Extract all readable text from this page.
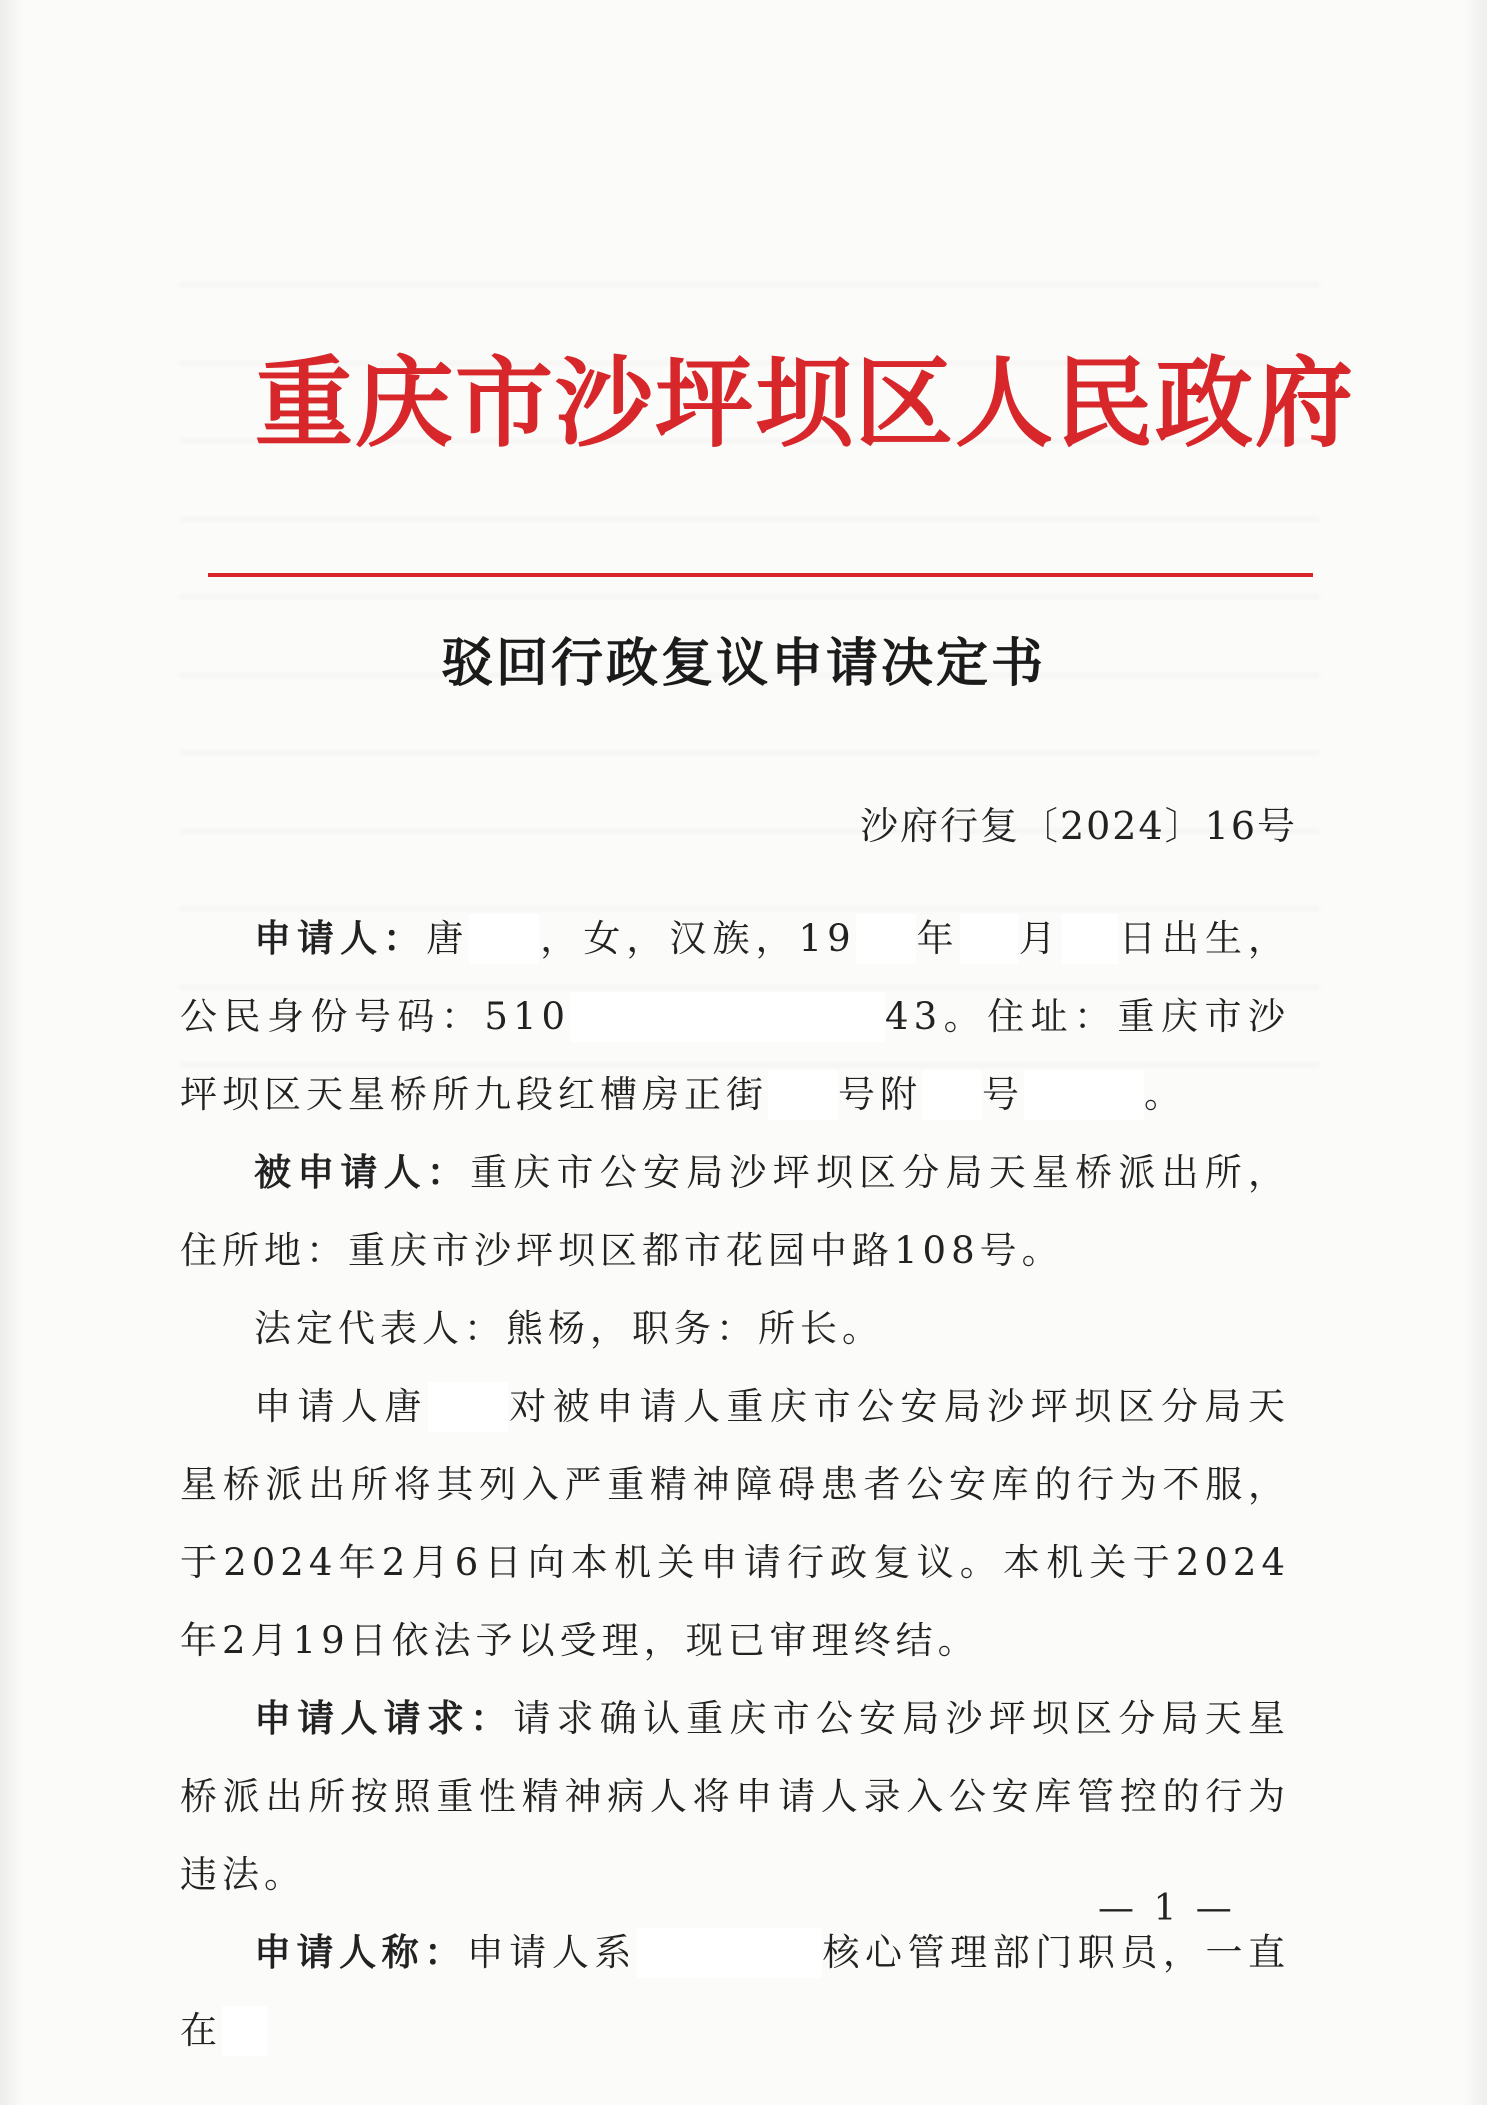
重庆市沙坪坝区人民政府
驳回行政复议申请决定书
沙府行复〔2024〕16号

申请人：唐 ，女，汉族，19 年 月 日出生，公民身份号码：510	43。住址：重庆市沙坪坝区天星桥所九段红槽房正街 号附 号	。

被申请人：重庆市公安局沙坪坝区分局天星桥派出所，住所地：重庆市沙坪坝区都市花园中路108号。

法定代表人：熊杨，职务：所长。

申请人唐 对被申请人重庆市公安局沙坪坝区分局天星桥派出所将其列入严重精神障碍患者公安库的行为不服，于2024年2月6日向本机关申请行政复议。本机关于2024年2月19日依法予以受理，现已审理终结。

申请人请求：请求确认重庆市公安局沙坪坝区分局天星桥派出所按照重性精神病人将申请人录入公安库管控的行为违法。

申请人称：申请人系	核心管理部门职员，一直在

— 1 —
